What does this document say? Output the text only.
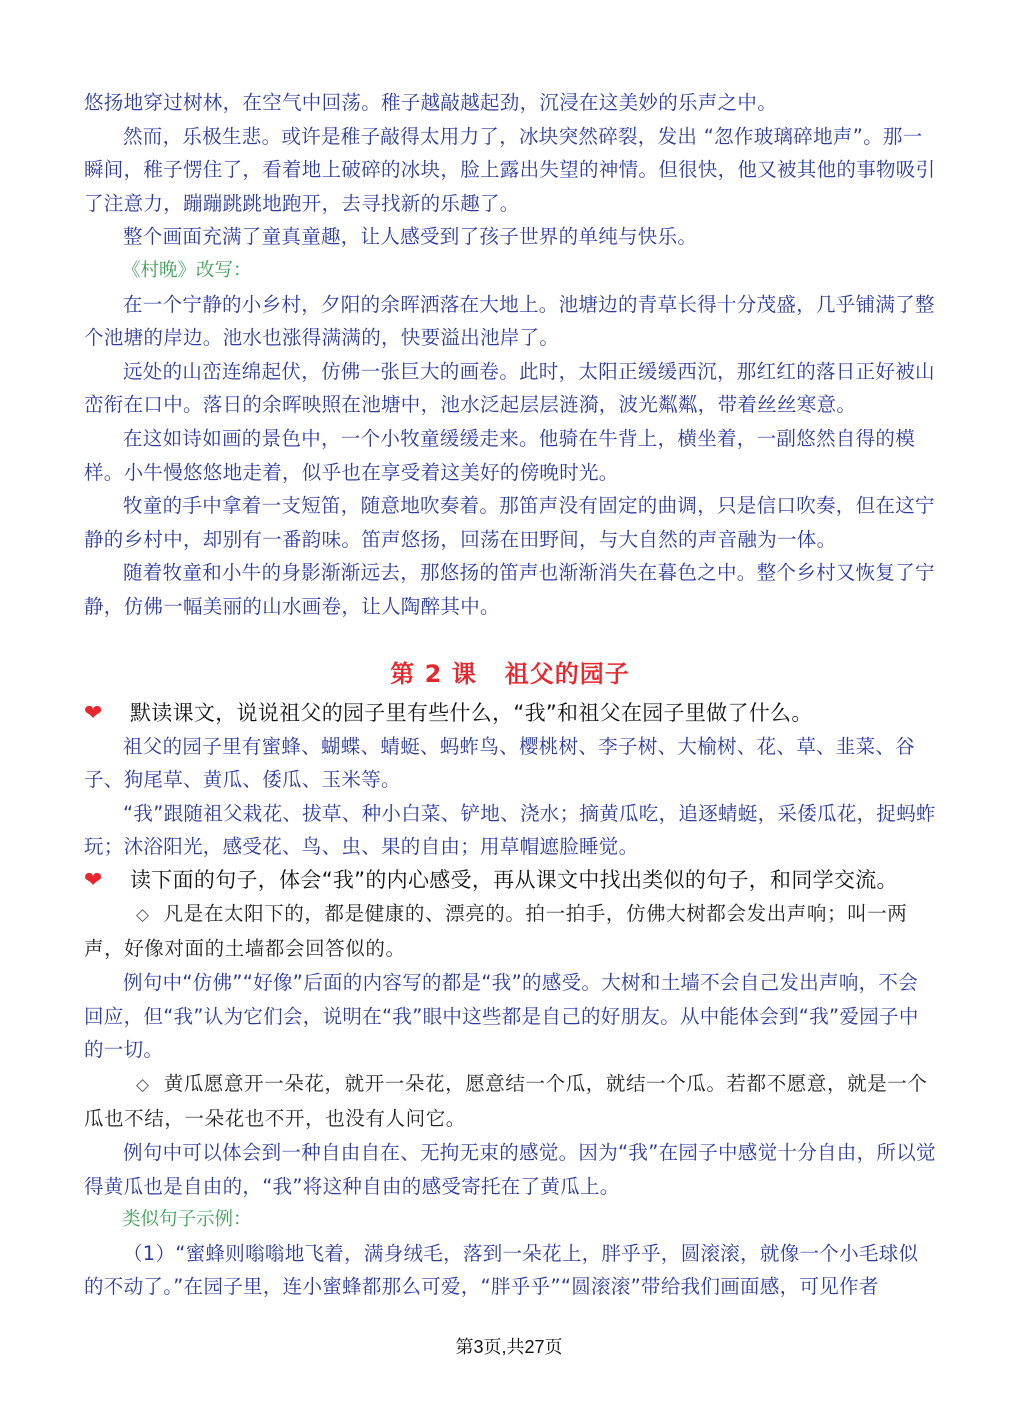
悠扬地穿过树林，在空气中回荡。稚子越敲越起劲，沉浸在这美妙的乐声之中。

然而，乐极生悲。或许是稚子敲得太用力了，冰块突然碎裂，发出 “忽作玻璃碎地声”。那一瞬间，稚子愣住了，看着地上破碎的冰块，脸上露出失望的神情。但很快，他又被其他的事物吸引了注意力，蹦蹦跳跳地跑开，去寻找新的乐趣了。

整个画面充满了童真童趣，让人感受到了孩子世界的单纯与快乐。

《村晚》改写：

在一个宁静的小乡村，夕阳的余晖洒落在大地上。池塘边的青草长得十分茂盛，几乎铺满了整个池塘的岸边。池水也涨得满满的，快要溢出池岸了。

远处的山峦连绵起伏，仿佛一张巨大的画卷。此时，太阳正缓缓西沉，那红红的落日正好被山峦衔在口中。落日的余晖映照在池塘中，池水泛起层层涟漪，波光粼粼，带着丝丝寒意。

在这如诗如画的景色中，一个小牧童缓缓走来。他骑在牛背上，横坐着，一副悠然自得的模样。小牛慢悠悠地走着，似乎也在享受着这美好的傍晚时光。

牧童的手中拿着一支短笛，随意地吹奏着。那笛声没有固定的曲调，只是信口吹奏，但在这宁静的乡村中，却别有一番韵味。笛声悠扬，回荡在田野间，与大自然的声音融为一体。

随着牧童和小牛的身影渐渐远去，那悠扬的笛声也渐渐消失在暮色之中。整个乡村又恢复了宁静，仿佛一幅美丽的山水画卷，让人陶醉其中。

第 2 课 祖父的园子

❤ 默读课文，说说祖父的园子里有些什么，“我”和祖父在园子里做了什么。

祖父的园子里有蜜蜂、蝴蝶、蜻蜓、蚂蚱鸟、樱桃树、李子树、大榆树、花、草、韭菜、谷子、狗尾草、黄瓜、倭瓜、玉米等。

“我”跟随祖父栽花、拔草、种小白菜、铲地、浇水；摘黄瓜吃，追逐蜻蜓，采倭瓜花，捉蚂蚱玩；沐浴阳光，感受花、鸟、虫、果的自由；用草帽遮脸睡觉。

❤ 读下面的句子，体会“我”的内心感受，再从课文中找出类似的句子，和同学交流。

◇ 凡是在太阳下的，都是健康的、漂亮的。拍一拍手，仿佛大树都会发出声响；叫一两声，好像对面的土墙都会回答似的。

例句中“仿佛”“好像”后面的内容写的都是“我”的感受。大树和土墙不会自己发出声响，不会回应，但“我”认为它们会，说明在“我”眼中这些都是自己的好朋友。从中能体会到“我”爱园子中的一切。

◇ 黄瓜愿意开一朵花，就开一朵花，愿意结一个瓜，就结一个瓜。若都不愿意，就是一个瓜也不结，一朵花也不开，也没有人问它。

例句中可以体会到一种自由自在、无拘无束的感觉。因为“我”在园子中感觉十分自由，所以觉得黄瓜也是自由的，“我”将这种自由的感受寄托在了黄瓜上。

类似句子示例：

（1）“蜜蜂则嗡嗡地飞着，满身绒毛，落到一朵花上，胖乎乎，圆滚滚，就像一个小毛球似的不动了。”在园子里，连小蜜蜂都那么可爱，“胖乎乎”“圆滚滚”带给我们画面感，可见作者

第3页,共27页
